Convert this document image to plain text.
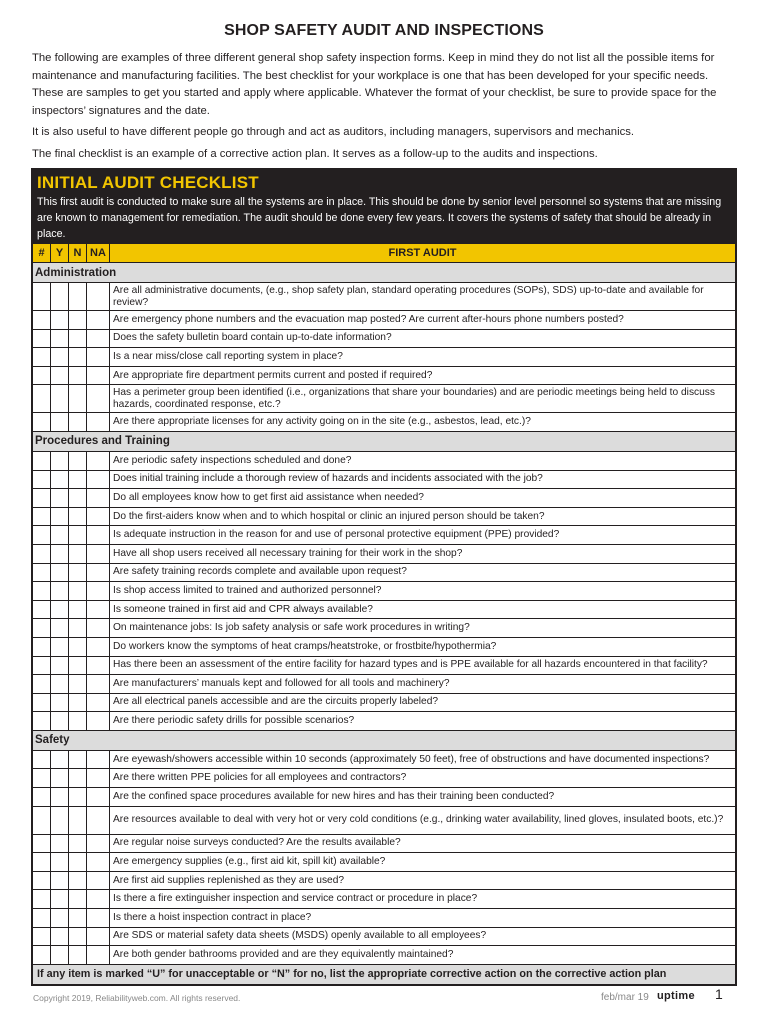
SHOP SAFETY AUDIT AND INSPECTIONS

The following are examples of three different general shop safety inspection forms. Keep in mind they do not list all the possible items for maintenance and manufacturing facilities. The best checklist for your workplace is one that has been developed for your specific needs. These are samples to get you started and apply where applicable. Whatever the format of your checklist, be sure to provide space for the inspectors’ signatures and the date.

It is also useful to have different people go through and act as auditors, including managers, supervisors and mechanics.

The final checklist is an example of a corrective action plan. It serves as a follow-up to the audits and inspections.

INITIAL AUDIT CHECKLIST
This first audit is conducted to make sure all the systems are in place. This should be done by senior level personnel so systems that are missing are known to management for remediation. The audit should be done every few years. It covers the systems of safety that should be already in place.
#	Y	N	NA	FIRST AUDIT
Administration				
				Are all administrative documents, (e.g., shop safety plan, standard operating procedures (SOPs), SDS) up-to-date and available for review?
				Are emergency phone numbers and the evacuation map posted? Are current after-hours phone numbers posted?
				Does the safety bulletin board contain up-to-date information?
				Is a near miss/close call reporting system in place?
				Are appropriate fire department permits current and posted if required?
				Has a perimeter group been identified (i.e., organizations that share your boundaries) and are periodic meetings being held to discuss hazards, coordinated response, etc.?
				Are there appropriate licenses for any activity going on in the site (e.g., asbestos, lead, etc.)?
Procedures and Training				
				Are periodic safety inspections scheduled and done?
				Does initial training include a thorough review of hazards and incidents associated with the job?
				Do all employees know how to get first aid assistance when needed?
				Do the first-aiders know when and to which hospital or clinic an injured person should be taken?
				Is adequate instruction in the reason for and use of personal protective equipment (PPE) provided?
				Have all shop users received all necessary training for their work in the shop?
				Are safety training records complete and available upon request?
				Is shop access limited to trained and authorized personnel?
				Is someone trained in first aid and CPR always available?
				On maintenance jobs: Is job safety analysis or safe work procedures in writing?
				Do workers know the symptoms of heat cramps/heatstroke, or frostbite/hypothermia?
				Has there been an assessment of the entire facility for hazard types and is PPE available for all hazards encountered in that facility?
				Are manufacturers’ manuals kept and followed for all tools and machinery?
				Are all electrical panels accessible and are the circuits properly labeled?
				Are there periodic safety drills for possible scenarios?
Safety				
				Are eyewash/showers accessible within 10 seconds (approximately 50 feet), free of obstructions and have documented inspections?
				Are there written PPE policies for all employees and contractors?
				Are the confined space procedures available for new hires and has their training been conducted?
				Are resources available to deal with very hot or very cold conditions (e.g., drinking water availability, lined gloves, insulated boots, etc.)?
				Are regular noise surveys conducted? Are the results available?
				Are emergency supplies (e.g., first aid kit, spill kit) available?
				Are first aid supplies replenished as they are used?
				Is there a fire extinguisher inspection and service contract or procedure in place?
				Is there a hoist inspection contract in place?
				Are SDS or material safety data sheets (MSDS) openly available to all employees?
				Are both gender bathrooms provided and are they equivalently maintained?
If any item is marked “U” for unacceptable or “N” for no, list the appropriate corrective action on the corrective action plan				
Copyright 2019, Reliabilityweb.com. All rights reserved.	feb/mar 19 uptime 1
